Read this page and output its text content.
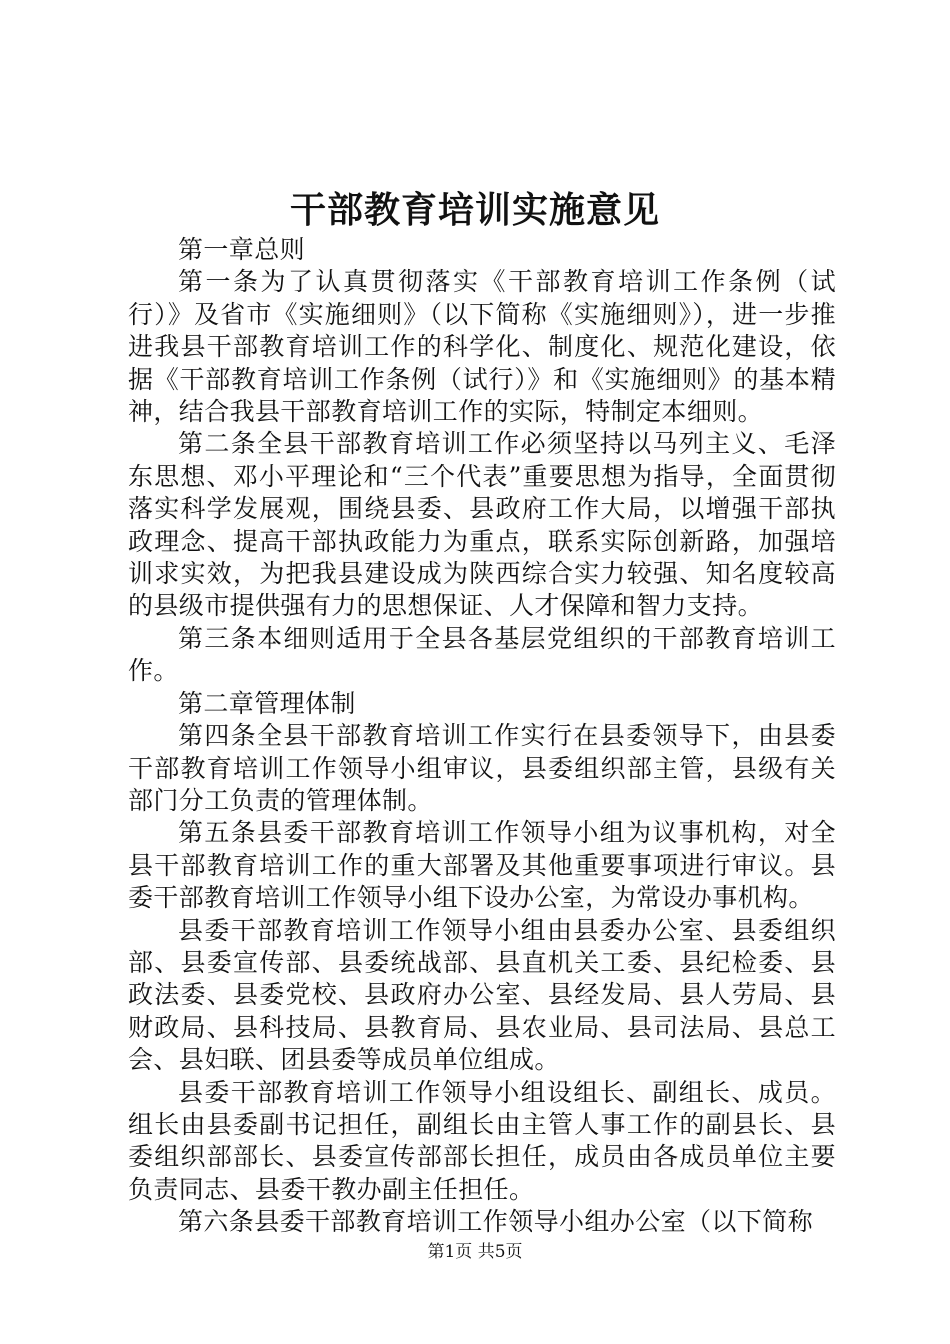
干部教育培训实施意见

第一章总则

第一条为了认真贯彻落实《干部教育培训工作条例（试行）》及省市《实施细则》（以下简称《实施细则》），进一步推进我县干部教育培训工作的科学化、制度化、规范化建设，依据《干部教育培训工作条例（试行）》和《实施细则》的基本精神，结合我县干部教育培训工作的实际，特制定本细则。

第二条全县干部教育培训工作必须坚持以马列主义、毛泽东思想、邓小平理论和“三个代表”重要思想为指导，全面贯彻落实科学发展观，围绕县委、县政府工作大局，以增强干部执政理念、提高干部执政能力为重点，联系实际创新路，加强培训求实效，为把我县建设成为陕西综合实力较强、知名度较高的县级市提供强有力的思想保证、人才保障和智力支持。

第三条本细则适用于全县各基层党组织的干部教育培训工作。

第二章管理体制

第四条全县干部教育培训工作实行在县委领导下，由县委干部教育培训工作领导小组审议，县委组织部主管，县级有关部门分工负责的管理体制。

第五条县委干部教育培训工作领导小组为议事机构，对全县干部教育培训工作的重大部署及其他重要事项进行审议。县委干部教育培训工作领导小组下设办公室，为常设办事机构。

县委干部教育培训工作领导小组由县委办公室、县委组织部、县委宣传部、县委统战部、县直机关工委、县纪检委、县政法委、县委党校、县政府办公室、县经发局、县人劳局、县财政局、县科技局、县教育局、县农业局、县司法局、县总工会、县妇联、团县委等成员单位组成。

县委干部教育培训工作领导小组设组长、副组长、成员。组长由县委副书记担任，副组长由主管人事工作的副县长、县委组织部部长、县委宣传部部长担任，成员由各成员单位主要负责同志、县委干教办副主任担任。

第六条县委干部教育培训工作领导小组办公室（以下简称

第1页 共5页
